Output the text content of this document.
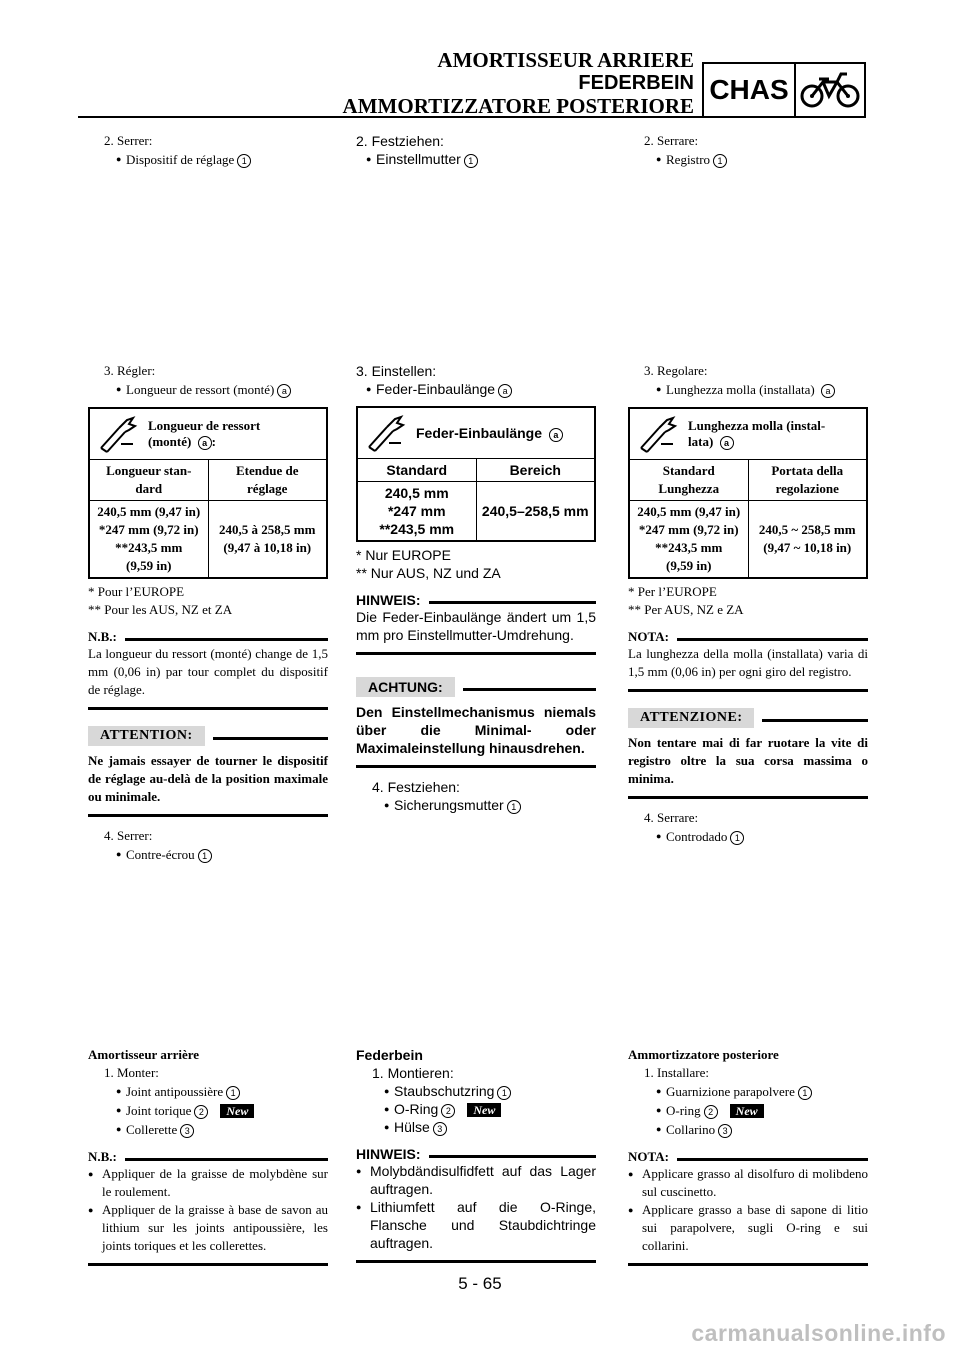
AMORTISSEUR ARRIERE
FEDERBEIN
AMMORTIZZATORE POSTERIORE
CHAS

2. Serrer:

● Dispositif de réglage 1

3. Régler:

● Longueur de ressort (monté) a

Longueur de ressort
(monté) a :
Longueur stan-
dard
Etendue de
réglage
240,5 mm (9,47 in)
*247 mm (9,72 in)
**243,5 mm
(9,59 in)
240,5 à 258,5 mm
(9,47 à 10,18 in)

* Pour l’EUROPE

** Pour les AUS, NZ et ZA

N.B.:

La longueur du ressort (monté) change de 1,5 mm (0,06 in) par tour complet du dispositif de réglage.

ATTENTION:

Ne jamais essayer de tourner le dispositif de réglage au-delà de la position maximale ou minimale.

4. Serrer:

● Contre-écrou 1

Amortisseur arrière

1. Monter:

● Joint antipoussière 1

● Joint torique 2 New

● Collerette 3

N.B.:

● Appliquer de la graisse de molybdène sur le roulement.

● Appliquer de la graisse à base de savon au lithium sur les joints antipoussière, les joints toriques et les collerettes.

2. Festziehen:

● Einstellmutter 1

3. Einstellen:

● Feder-Einbaulänge a

Feder-Einbaulänge a
Standard	Bereich
240,5 mm
*247 mm
**243,5 mm
240,5–258,5 mm

* Nur EUROPE

** Nur AUS, NZ und ZA

HINWEIS:

Die Feder-Einbaulänge ändert um 1,5 mm pro Einstellmutter-Umdrehung.

ACHTUNG:

Den Einstellmechanismus niemals über die Minimal- oder Maximaleinstellung hinausdrehen.

4. Festziehen:

● Sicherungsmutter 1

Federbein

1. Montieren:

● Staubschutzring 1

● O-Ring 2 New

● Hülse 3

HINWEIS:

● Molybdändisulfidfett auf das Lager auftragen.

● Lithiumfett auf die O-Ringe, Flansche und Staubdichtringe auftragen.

2. Serrare:

● Registro 1

3. Regolare:

● Lunghezza molla (installata) a

Lunghezza molla (instal-
lata) a
Standard
Lunghezza
Portata della
regolazione
240,5 mm (9,47 in)
*247 mm (9,72 in)
**243,5 mm
(9,59 in)
240,5 ~ 258,5 mm
(9,47 ~ 10,18 in)

* Per l’EUROPE

** Per AUS, NZ e ZA

NOTA:

La lunghezza della molla (installata) varia di 1,5 mm (0,06 in) per ogni giro del registro.

ATTENZIONE:

Non tentare mai di far ruotare la vite di registro oltre la sua corsa massima o minima.

4. Serrare:

● Controdado 1

Ammortizzatore posteriore

1. Installare:

● Guarnizione parapolvere 1

● O-ring 2 New

● Collarino 3

NOTA:

● Applicare grasso al disolfuro di molibdeno sul cuscinetto.

● Applicare grasso a base di sapone di litio sui parapolvere, sugli O-ring e sui collarini.

5 - 65
carmanualsonline.info
